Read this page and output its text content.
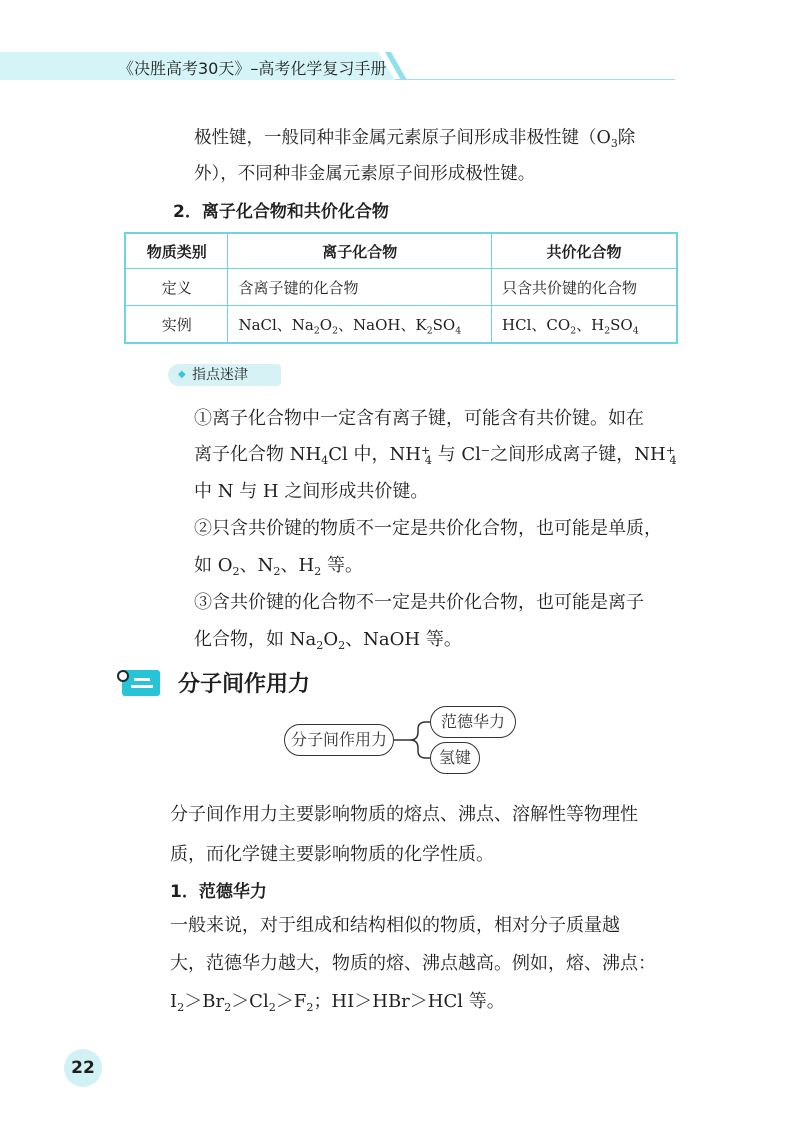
《决胜高考30天》–高考化学复习手册
极性键，一般同种非金属元素原子间形成非极性键（$O_3$除
外），不同种非金属元素原子间形成极性键。
2．离子化合物和共价化合物
物质类别	离子化合物	共价化合物
定义	含离子键的化合物	只含共价键的化合物
实例	NaCl、$Na_2O_2$、NaOH、$K_2SO_4$	HCl、$CO_2$、$H_2SO_4$
◆ 指点迷津
①离子化合物中一定含有离子键，可能含有共价键。如在
离子化合物 $NH_4Cl$ 中，$NH^+_4$ 与 Cl−之间形成离子键，$NH^+_4$
中 N 与 H 之间形成共价键。
②只含共价键的物质不一定是共价化合物，也可能是单质，
如 $O_2$、$N_2$、$H_2$ 等。
③含共价键的化合物不一定是共价化合物，也可能是离子
化合物，如 $Na_2O_2$、NaOH 等。
分子间作用力
分子间作用力
范德华力
氢键
分子间作用力主要影响物质的熔点、沸点、溶解性等物理性
质，而化学键主要影响物质的化学性质。
1．范德华力
一般来说，对于组成和结构相似的物质，相对分子质量越
大，范德华力越大，物质的熔、沸点越高。例如，熔、沸点：
$I_2>Br_2>Cl_2>F_2$；HI＞HBr＞HCl 等。
22
